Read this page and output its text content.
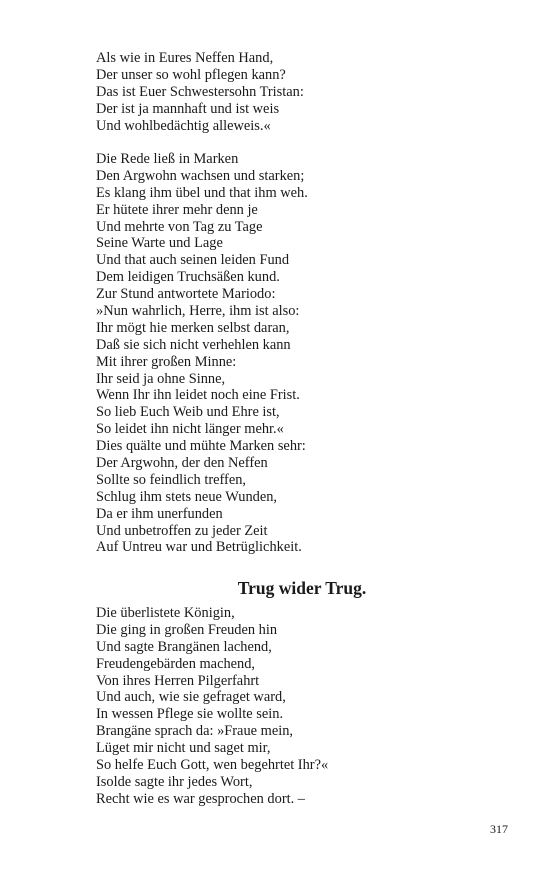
Als wie in Eures Neffen Hand,
Der unser so wohl pflegen kann?
Das ist Euer Schwestersohn Tristan:
Der ist ja mannhaft und ist weis
Und wohlbedächtig alleweis.«
Die Rede ließ in Marken
Den Argwohn wachsen und starken;
Es klang ihm übel und that ihm weh.
Er hütete ihrer mehr denn je
Und mehrte von Tag zu Tage
Seine Warte und Lage
Und that auch seinen leiden Fund
Dem leidigen Truchsäßen kund.
Zur Stund antwortete Mariodo:
»Nun wahrlich, Herre, ihm ist also:
Ihr mögt hie merken selbst daran,
Daß sie sich nicht verhehlen kann
Mit ihrer großen Minne:
Ihr seid ja ohne Sinne,
Wenn Ihr ihn leidet noch eine Frist.
So lieb Euch Weib und Ehre ist,
So leidet ihn nicht länger mehr.«
Dies quälte und mühte Marken sehr:
Der Argwohn, der den Neffen
Sollte so feindlich treffen,
Schlug ihm stets neue Wunden,
Da er ihm unerfunden
Und unbetroffen zu jeder Zeit
Auf Untreu war und Betrüglichkeit.
Trug wider Trug.
Die überlistete Königin,
Die ging in großen Freuden hin
Und sagte Brangänen lachend,
Freudengebärden machend,
Von ihres Herren Pilgerfahrt
Und auch, wie sie gefraget ward,
In wessen Pflege sie wollte sein.
Brangäne sprach da: »Fraue mein,
Lüget mir nicht und saget mir,
So helfe Euch Gott, wen begehrtet Ihr?«
Isolde sagte ihr jedes Wort,
Recht wie es war gesprochen dort. –
317
